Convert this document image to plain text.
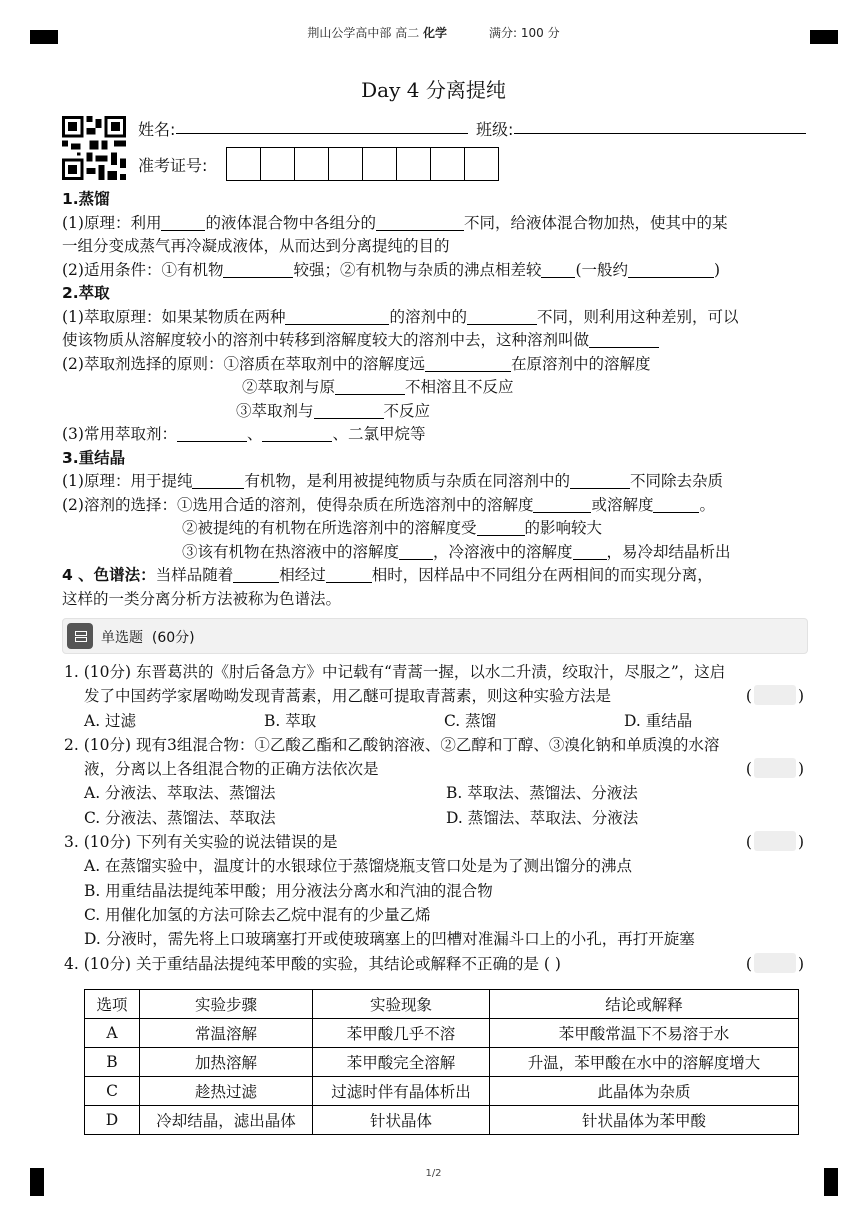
荆山公学高中部 高二 化学	满分: 100 分
Day 4 分离提纯
姓名:	班级:
准考证号:
1.蒸馏
(1)原理：利用	的液体混合物中各组分的	不同，给液体混合物加热，使其中的某
一组分变成蒸气再冷凝成液体，从而达到分离提纯的目的
(2)适用条件：①有机物	较强；②有机物与杂质的沸点相差较 (一般约	)
2.萃取
(1)萃取原理：如果某物质在两种	的溶剂中的	不同，则利用这种差别，可以
使该物质从溶解度较小的溶剂中转移到溶解度较大的溶剂中去，这种溶剂叫做
(2)萃取剂选择的原则：①溶质在萃取剂中的溶解度远	在原溶剂中的溶解度
②萃取剂与原	不相溶且不反应
③萃取剂与	不反应
(3)常用萃取剂：	、	、二氯甲烷等
3.重结晶
(1)原理：用于提纯	有机物，是利用被提纯物质与杂质在同溶剂中的	不同除去杂质
(2)溶剂的选择：①选用合适的溶剂，使得杂质在所选溶剂中的溶解度	或溶解度	。
②被提纯的有机物在所选溶剂中的溶解度受	的影响较大
③该有机物在热溶液中的溶解度 ，冷溶液中的溶解度 ，易冷却结晶析出
4 、色谱法：当样品随着	相经过	相时，因样品中不同组分在两相间的而实现分离，
这样的一类分离分析方法被称为色谱法。
单选题 (60分)
1. (10分) 东晋葛洪的《肘后备急方》中记载有“青蒿一握，以水二升渍，绞取汁，尽服之”，这启
发了中国药学家屠呦呦发现青蒿素，用乙醚可提取青蒿素，则这种实验方法是	(	)
A. 过滤	B. 萃取	C. 蒸馏	D. 重结晶
2. (10分) 现有3组混合物：①乙酸乙酯和乙酸钠溶液、②乙醇和丁醇、③溴化钠和单质溴的水溶
液，分离以上各组混合物的正确方法依次是	(	)
A. 分液法、萃取法、蒸馏法	B. 萃取法、蒸馏法、分液法
C. 分液法、蒸馏法、萃取法	D. 蒸馏法、萃取法、分液法
3. (10分) 下列有关实验的说法错误的是	(	)
A. 在蒸馏实验中，温度计的水银球位于蒸馏烧瓶支管口处是为了测出馏分的沸点
B. 用重结晶法提纯苯甲酸；用分液法分离水和汽油的混合物
C. 用催化加氢的方法可除去乙烷中混有的少量乙烯
D. 分液时，需先将上口玻璃塞打开或使玻璃塞上的凹槽对准漏斗口上的小孔，再打开旋塞
4. (10分) 关于重结晶法提纯苯甲酸的实验，其结论或解释不正确的是 ( )	(	)
选项	实验步骤	实验现象	结论或解释
A	常温溶解	苯甲酸几乎不溶	苯甲酸常温下不易溶于水
B	加热溶解	苯甲酸完全溶解	升温，苯甲酸在水中的溶解度增大
C	趁热过滤	过滤时伴有晶体析出	此晶体为杂质
D	冷却结晶，滤出晶体	针状晶体	针状晶体为苯甲酸
1/2
